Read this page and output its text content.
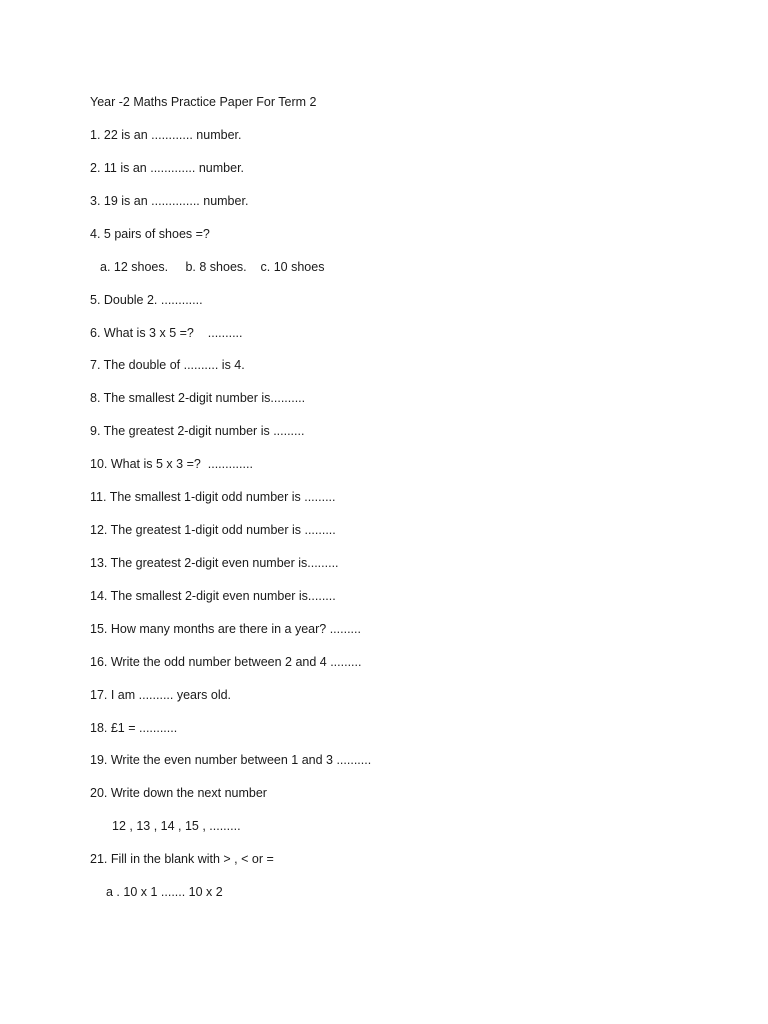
Year -2 Maths Practice Paper For Term 2
1. 22 is an ............ number.
2. 11 is an ............. number.
3. 19 is an .............. number.
4. 5 pairs of shoes =?
a. 12 shoes.     b. 8 shoes.    c. 10 shoes
5. Double 2. ............
6. What is 3 x 5 =?    ..........
7. The double of .......... is 4.
8. The smallest 2-digit number is..........
9. The greatest 2-digit number is .........
10. What is 5 x 3 =?  .............
11. The smallest 1-digit odd number is .........
12. The greatest 1-digit odd number is .........
13. The greatest 2-digit even number is.........
14. The smallest 2-digit even number is........
15. How many months are there in a year? .........
16. Write the odd number between 2 and 4 .........
17. I am .......... years old.
18. £1 = ...........
19. Write the even number between 1 and 3 ..........
20. Write down the next number
12 , 13 , 14 , 15 , .........
21. Fill in the blank with > , < or =
a . 10 x 1 ....... 10 x 2
